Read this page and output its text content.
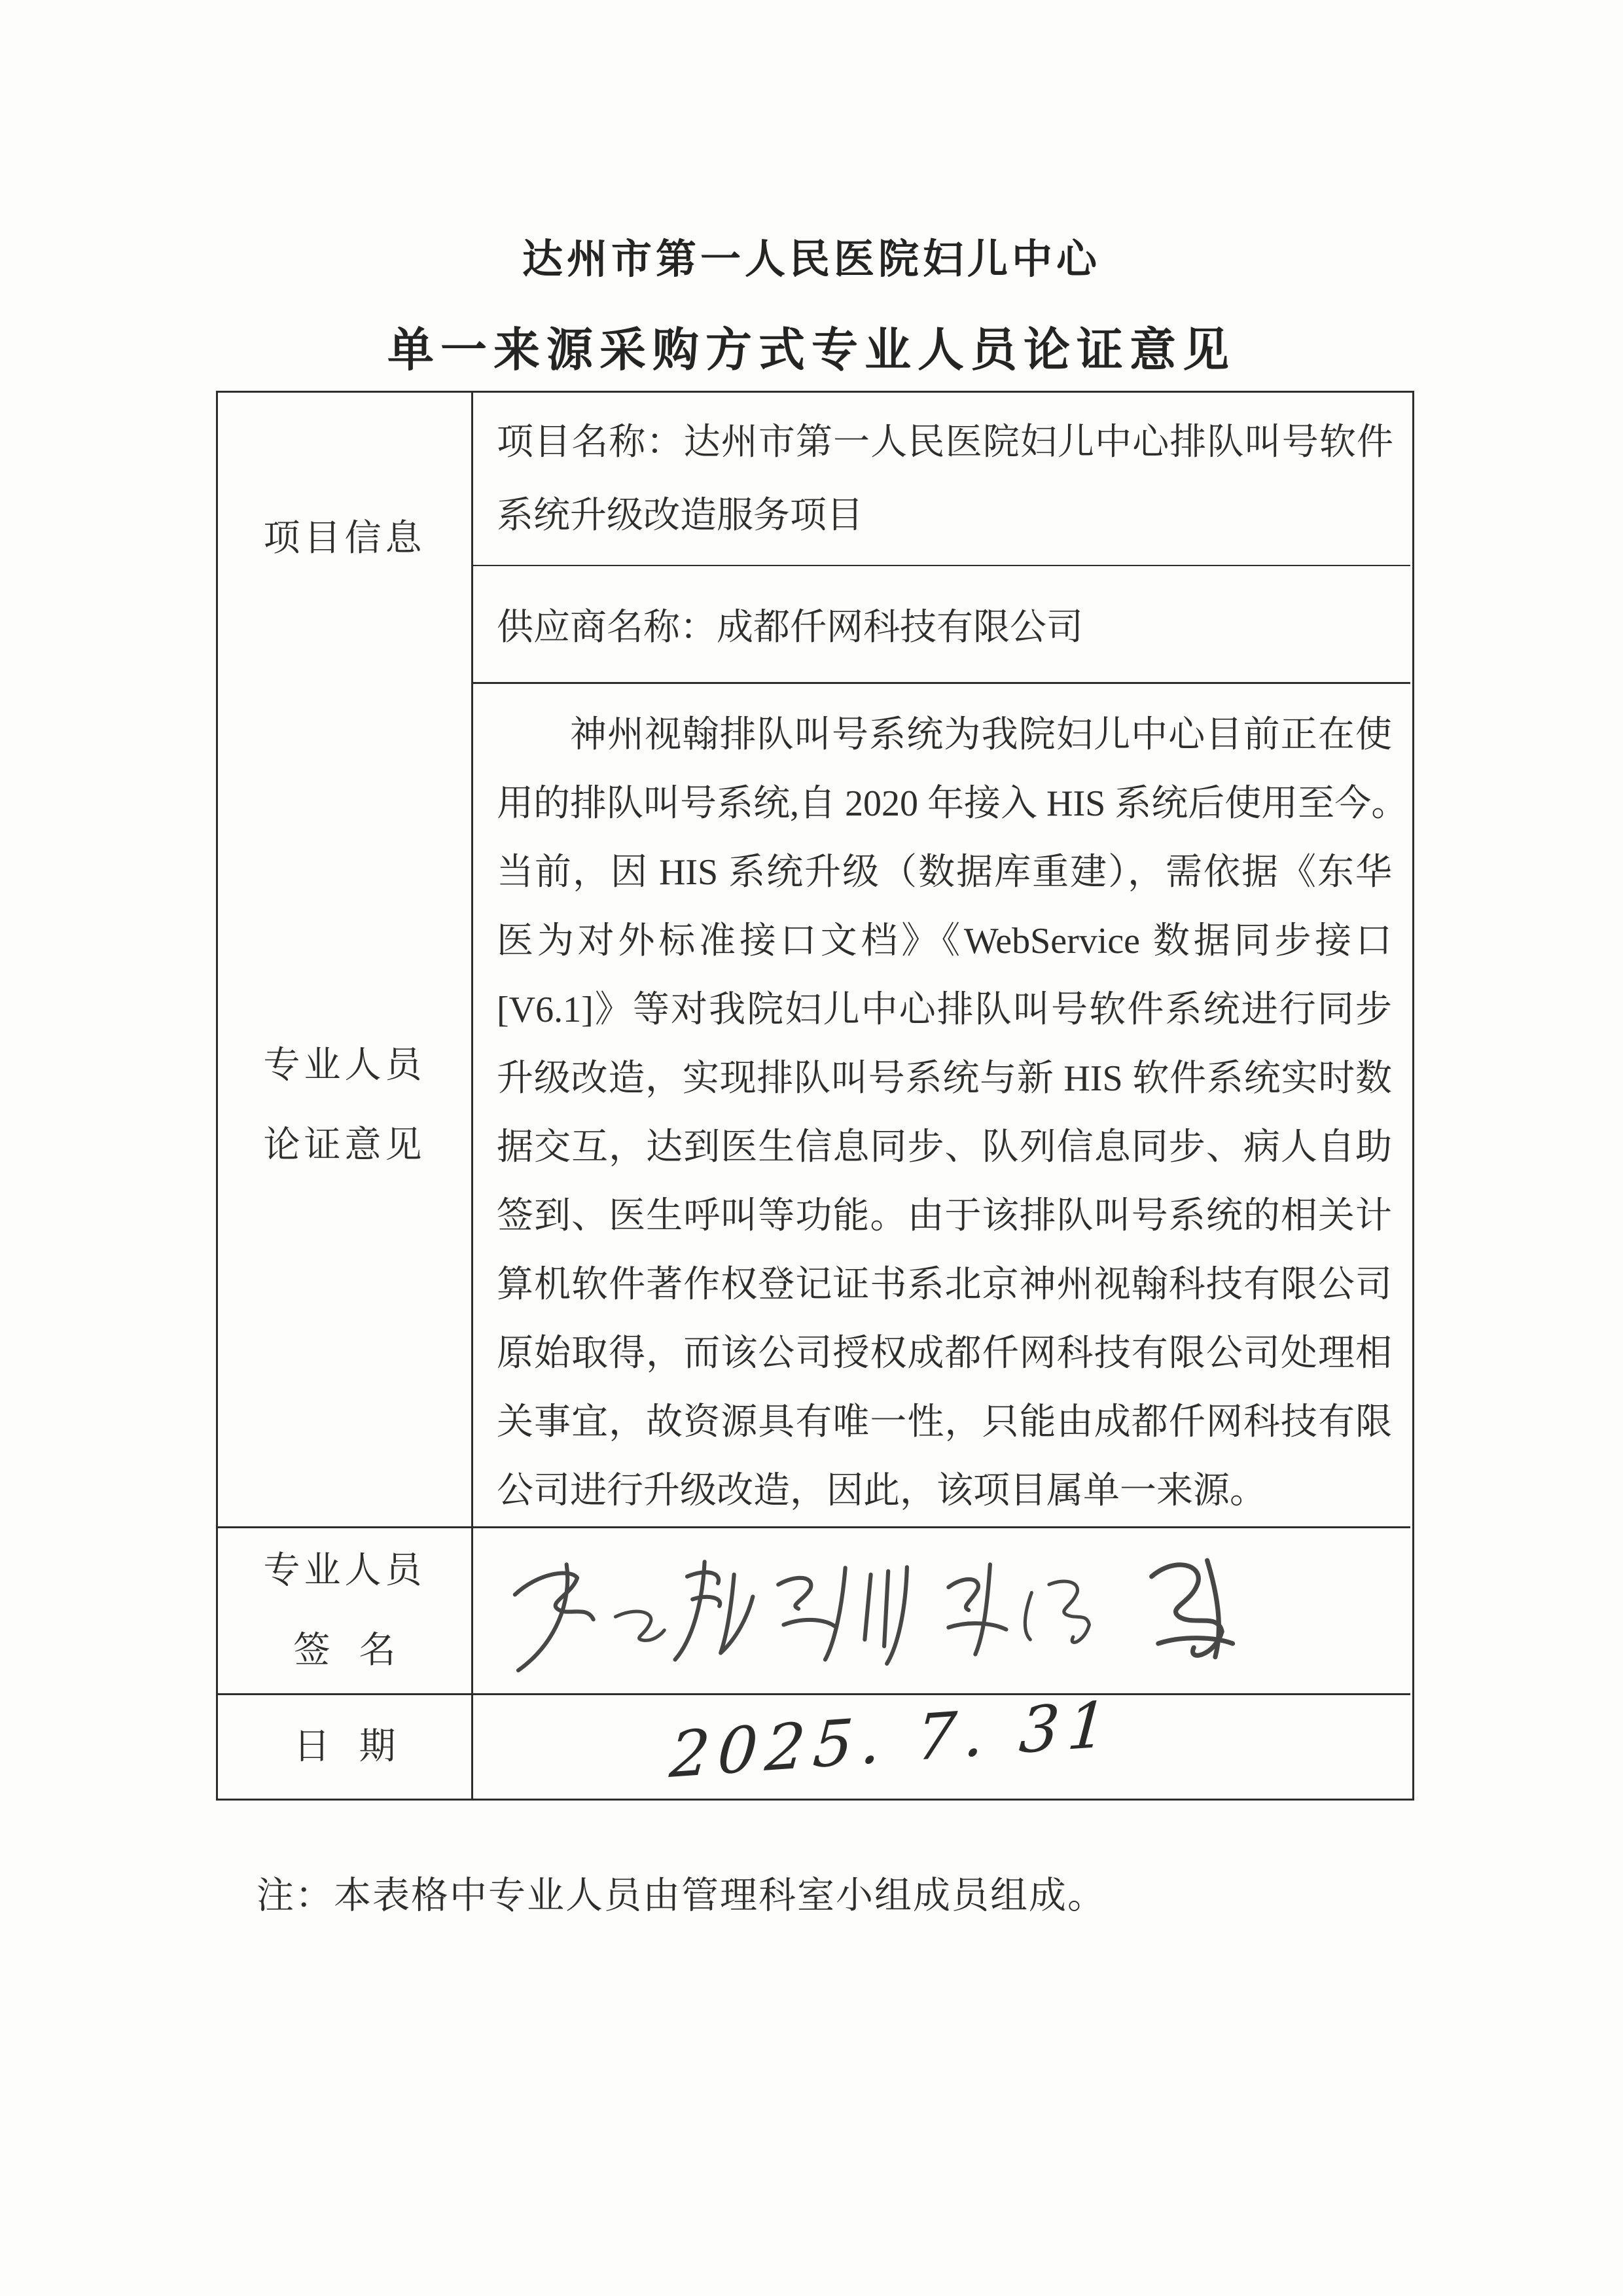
达州市第一人民医院妇儿中心
单一来源采购方式专业人员论证意见
项目信息
项目名称：达州市第一人民医院妇儿中心排队叫号软件
系统升级改造服务项目
供应商名称：成都仟网科技有限公司
专业人员
论证意见
神州视翰排队叫号系统为我院妇儿中心目前正在使
用的排队叫号系统,自 2020 年接入 HIS 系统后使用至今。
当前，因 HIS 系统升级（数据库重建），需依据《东华
医为对外标准接口文档》《WebService 数据同步接口
[V6.1]》等对我院妇儿中心排队叫号软件系统进行同步
升级改造，实现排队叫号系统与新 HIS 软件系统实时数
据交互，达到医生信息同步、队列信息同步、病人自助
签到、医生呼叫等功能。由于该排队叫号系统的相关计
算机软件著作权登记证书系北京神州视翰科技有限公司
原始取得，而该公司授权成都仟网科技有限公司处理相
关事宜，故资源具有唯一性，只能由成都仟网科技有限
公司进行升级改造，因此，该项目属单一来源。
专业人员
签名
日期	2025. 7. 31
注：本表格中专业人员由管理科室小组成员组成。
